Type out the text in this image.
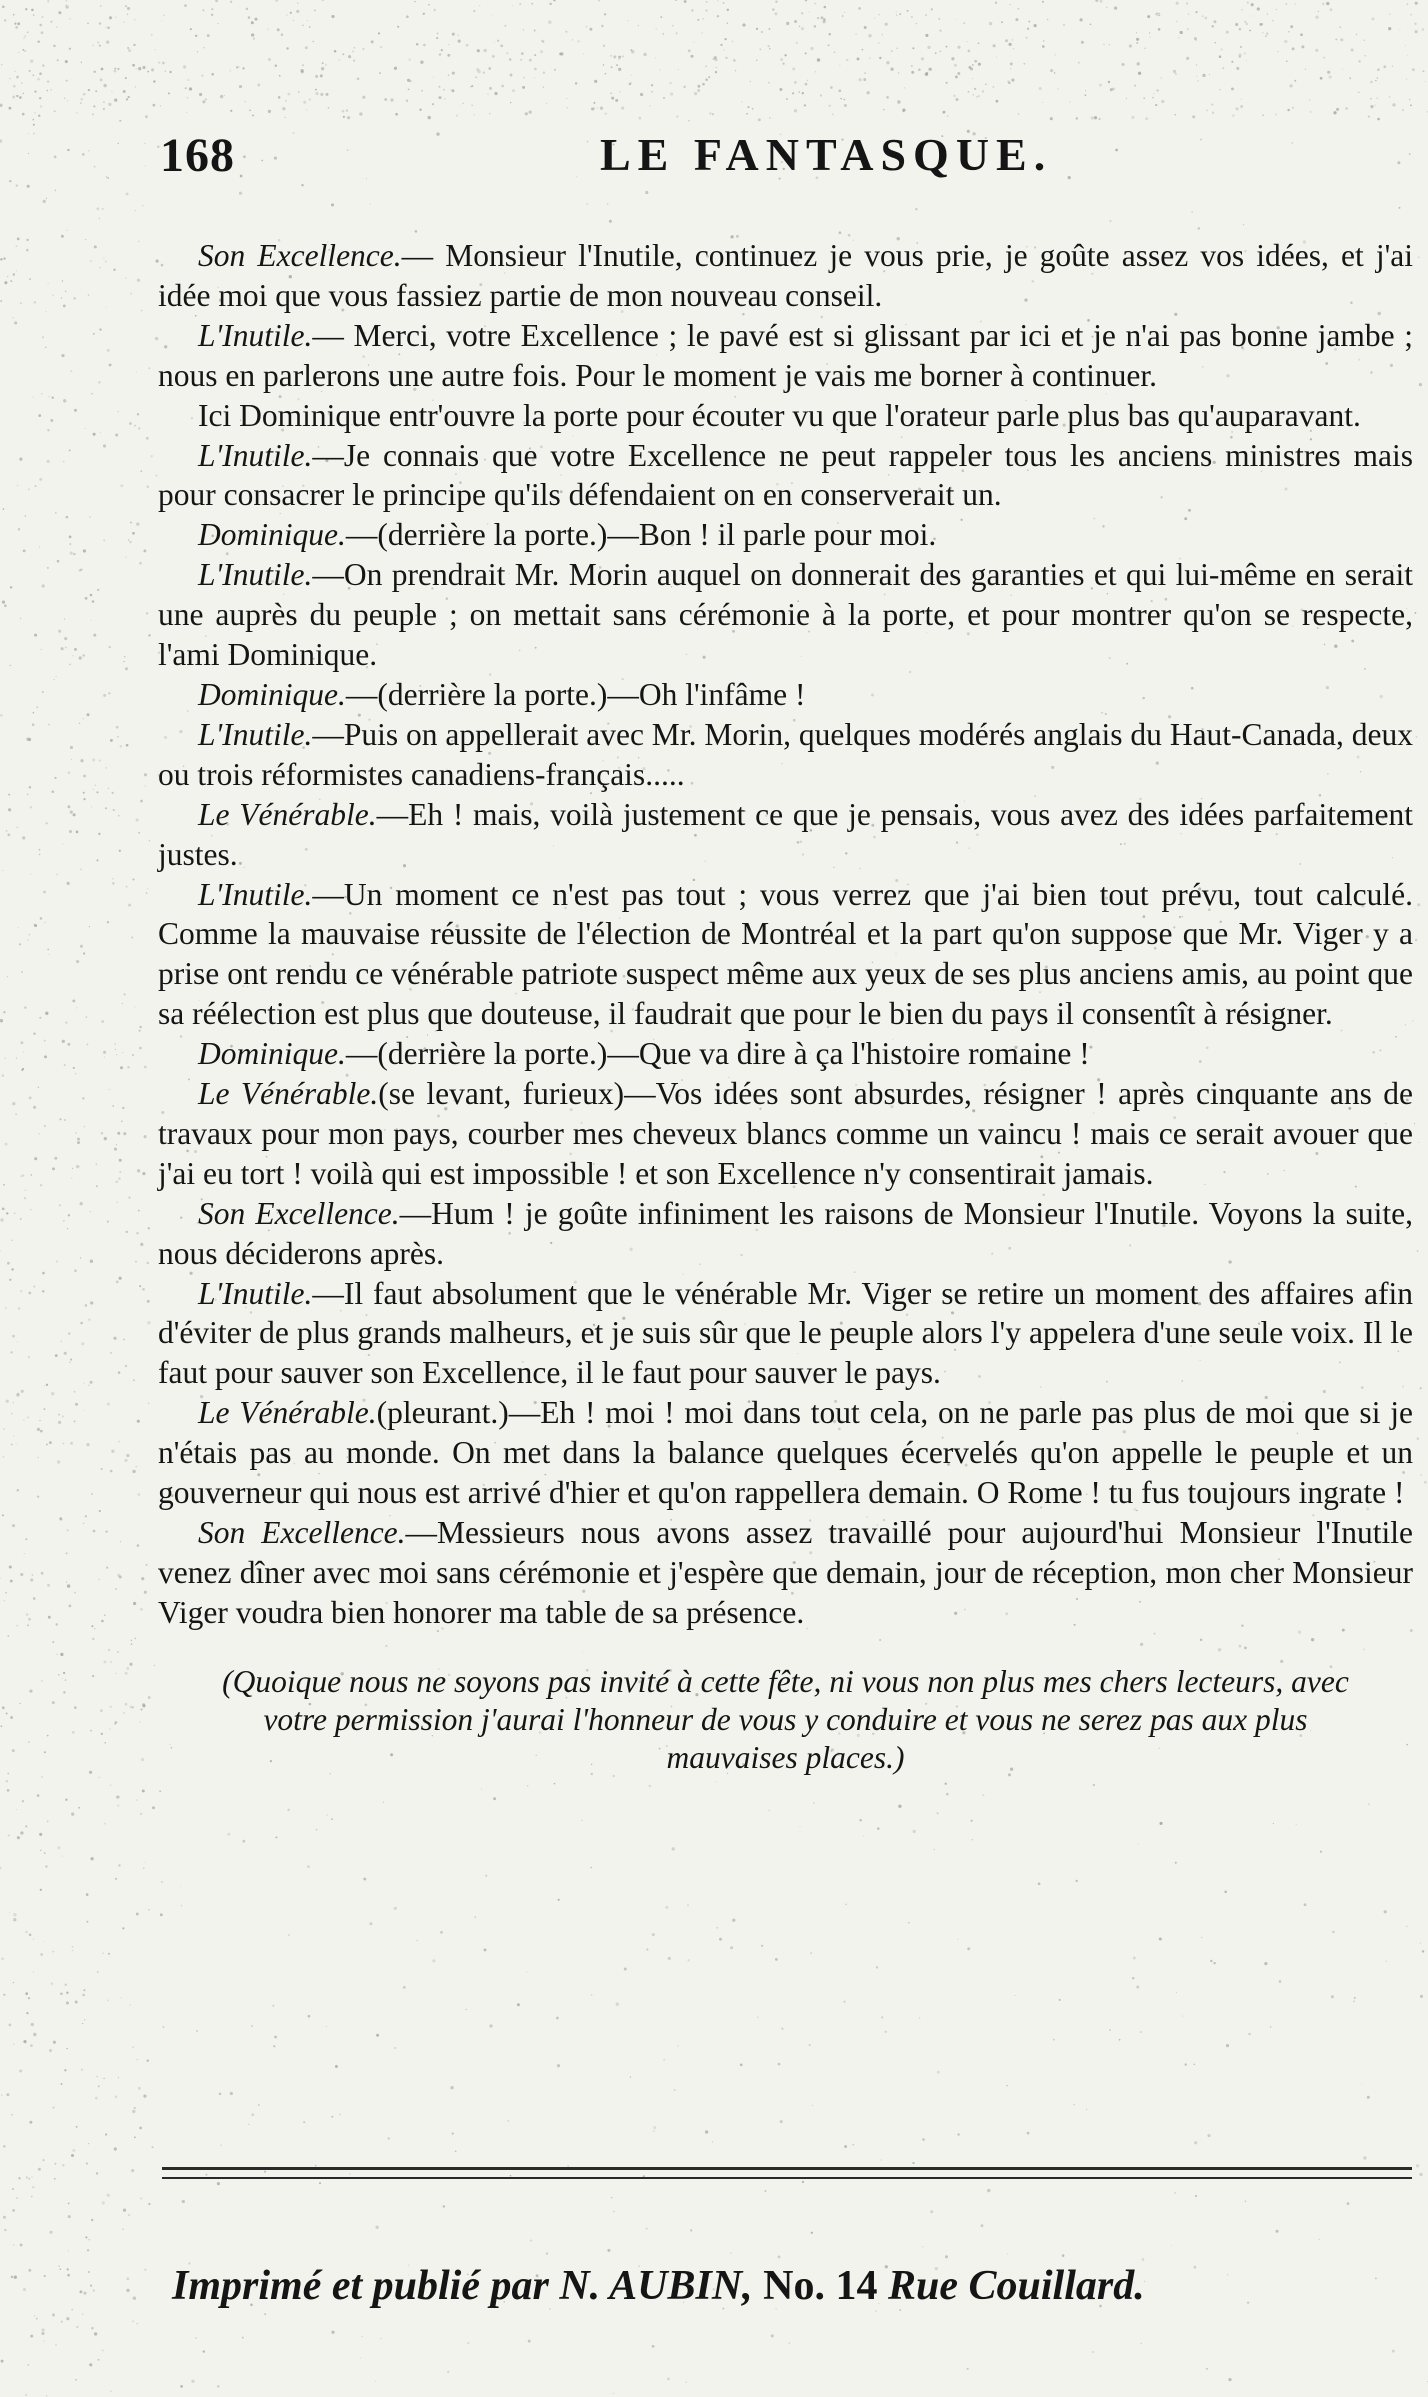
168	LE FANTASQUE.

Son Excellence.— Monsieur l'Inutile, continuez je vous prie, je goûte assez vos idées, et j'ai idée moi que vous fassiez partie de mon nouveau conseil.

L'Inutile.— Merci, votre Excellence ; le pavé est si glissant par ici et je n'ai pas bonne jambe ; nous en parlerons une autre fois. Pour le moment je vais me borner à continuer.

Ici Dominique entr'ouvre la porte pour écouter vu que l'orateur parle plus bas qu'auparavant.

L'Inutile.—Je connais que votre Excellence ne peut rappeler tous les anciens ministres mais pour consacrer le principe qu'ils défendaient on en conserverait un.

Dominique.—(derrière la porte.)—Bon ! il parle pour moi.

L'Inutile.—On prendrait Mr. Morin auquel on donnerait des garanties et qui lui-même en serait une auprès du peuple ; on mettait sans cérémonie à la porte, et pour montrer qu'on se respecte, l'ami Dominique.

Dominique.—(derrière la porte.)—Oh l'infâme !

L'Inutile.—Puis on appellerait avec Mr. Morin, quelques modérés anglais du Haut-Canada, deux ou trois réformistes canadiens-français.....

Le Vénérable.—Eh ! mais, voilà justement ce que je pensais, vous avez des idées parfaitement justes.

L'Inutile.—Un moment ce n'est pas tout ; vous verrez que j'ai bien tout prévu, tout calculé. Comme la mauvaise réussite de l'élection de Montréal et la part qu'on suppose que Mr. Viger y a prise ont rendu ce vénérable patriote suspect même aux yeux de ses plus anciens amis, au point que sa réélection est plus que douteuse, il faudrait que pour le bien du pays il consentît à résigner.

Dominique.—(derrière la porte.)—Que va dire à ça l'histoire romaine !

Le Vénérable.(se levant, furieux)—Vos idées sont absurdes, résigner ! après cinquante ans de travaux pour mon pays, courber mes cheveux blancs comme un vaincu ! mais ce serait avouer que j'ai eu tort ! voilà qui est impossible ! et son Excellence n'y consentirait jamais.

Son Excellence.—Hum ! je goûte infiniment les raisons de Monsieur l'Inutile. Voyons la suite, nous déciderons après.

L'Inutile.—Il faut absolument que le vénérable Mr. Viger se retire un moment des affaires afin d'éviter de plus grands malheurs, et je suis sûr que le peuple alors l'y appelera d'une seule voix. Il le faut pour sauver son Excellence, il le faut pour sauver le pays.

Le Vénérable.(pleurant.)—Eh ! moi ! moi dans tout cela, on ne parle pas plus de moi que si je n'étais pas au monde. On met dans la balance quelques écervelés qu'on appelle le peuple et un gouverneur qui nous est arrivé d'hier et qu'on rappellera demain. O Rome ! tu fus toujours ingrate !

Son Excellence.—Messieurs nous avons assez travaillé pour aujourd'hui Monsieur l'Inutile venez dîner avec moi sans cérémonie et j'espère que demain, jour de réception, mon cher Monsieur Viger voudra bien honorer ma table de sa présence.

(Quoique nous ne soyons pas invité à cette fête, ni vous non plus mes chers lecteurs, avec votre permission j'aurai l'honneur de vous y conduire et vous ne serez pas aux plus mauvaises places.)

Imprimé et publié par N. AUBIN, No. 14 Rue Couillard.
